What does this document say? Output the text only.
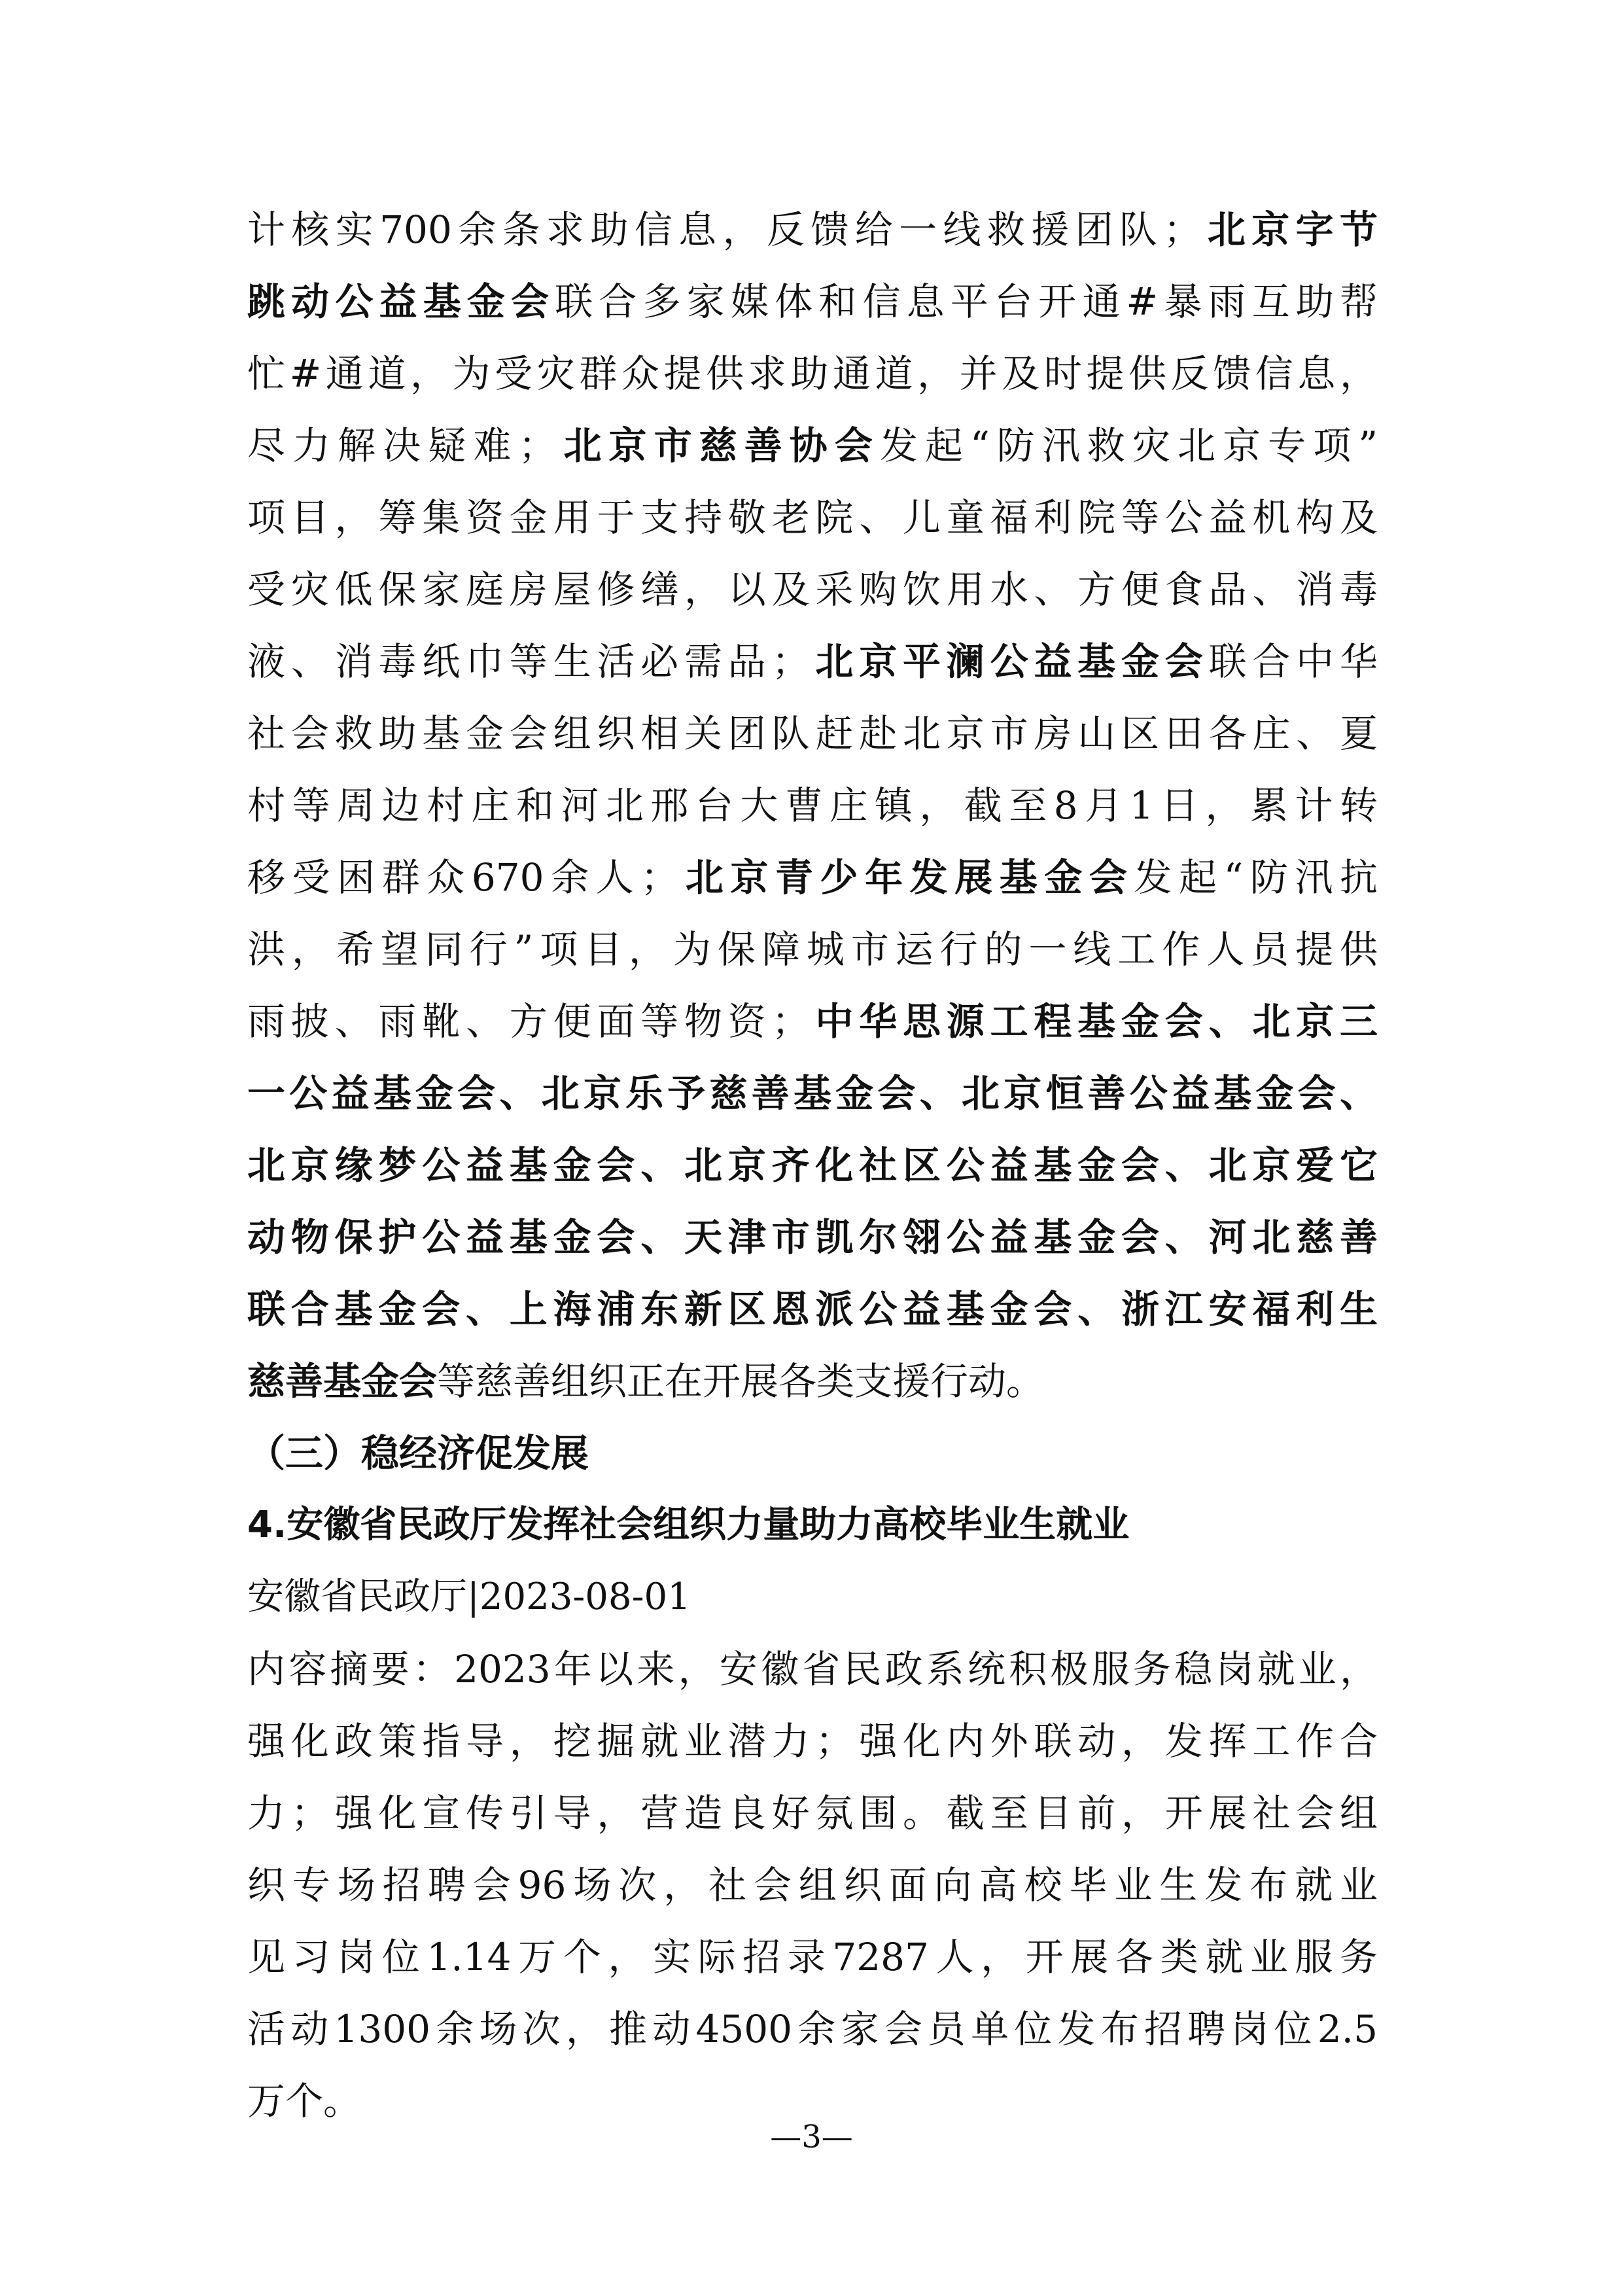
计核实700余条求助信息，反馈给一线救援团队；北京字节
跳动公益基金会联合多家媒体和信息平台开通#暴雨互助帮
忙#通道，为受灾群众提供求助通道，并及时提供反馈信息，
尽力解决疑难；北京市慈善协会发起“防汛救灾北京专项”
项目，筹集资金用于支持敬老院、儿童福利院等公益机构及
受灾低保家庭房屋修缮，以及采购饮用水、方便食品、消毒
液、消毒纸巾等生活必需品；北京平澜公益基金会联合中华
社会救助基金会组织相关团队赶赴北京市房山区田各庄、夏
村等周边村庄和河北邢台大曹庄镇，截至8月1日，累计转
移受困群众670余人；北京青少年发展基金会发起“防汛抗
洪，希望同行”项目，为保障城市运行的一线工作人员提供
雨披、雨靴、方便面等物资；中华思源工程基金会、北京三
一公益基金会、北京乐予慈善基金会、北京恒善公益基金会、
北京缘梦公益基金会、北京齐化社区公益基金会、北京爱它
动物保护公益基金会、天津市凯尔翎公益基金会、河北慈善
联合基金会、上海浦东新区恩派公益基金会、浙江安福利生
慈善基金会等慈善组织正在开展各类支援行动。
（三）稳经济促发展
4.安徽省民政厅发挥社会组织力量助力高校毕业生就业
安徽省民政厅|2023-08-01
内容摘要：2023年以来，安徽省民政系统积极服务稳岗就业，
强化政策指导，挖掘就业潜力；强化内外联动，发挥工作合
力；强化宣传引导，营造良好氛围。截至目前，开展社会组
织专场招聘会96场次，社会组织面向高校毕业生发布就业
见习岗位1.14万个，实际招录7287人，开展各类就业服务
活动1300余场次，推动4500余家会员单位发布招聘岗位2.5
万个。
—3—
